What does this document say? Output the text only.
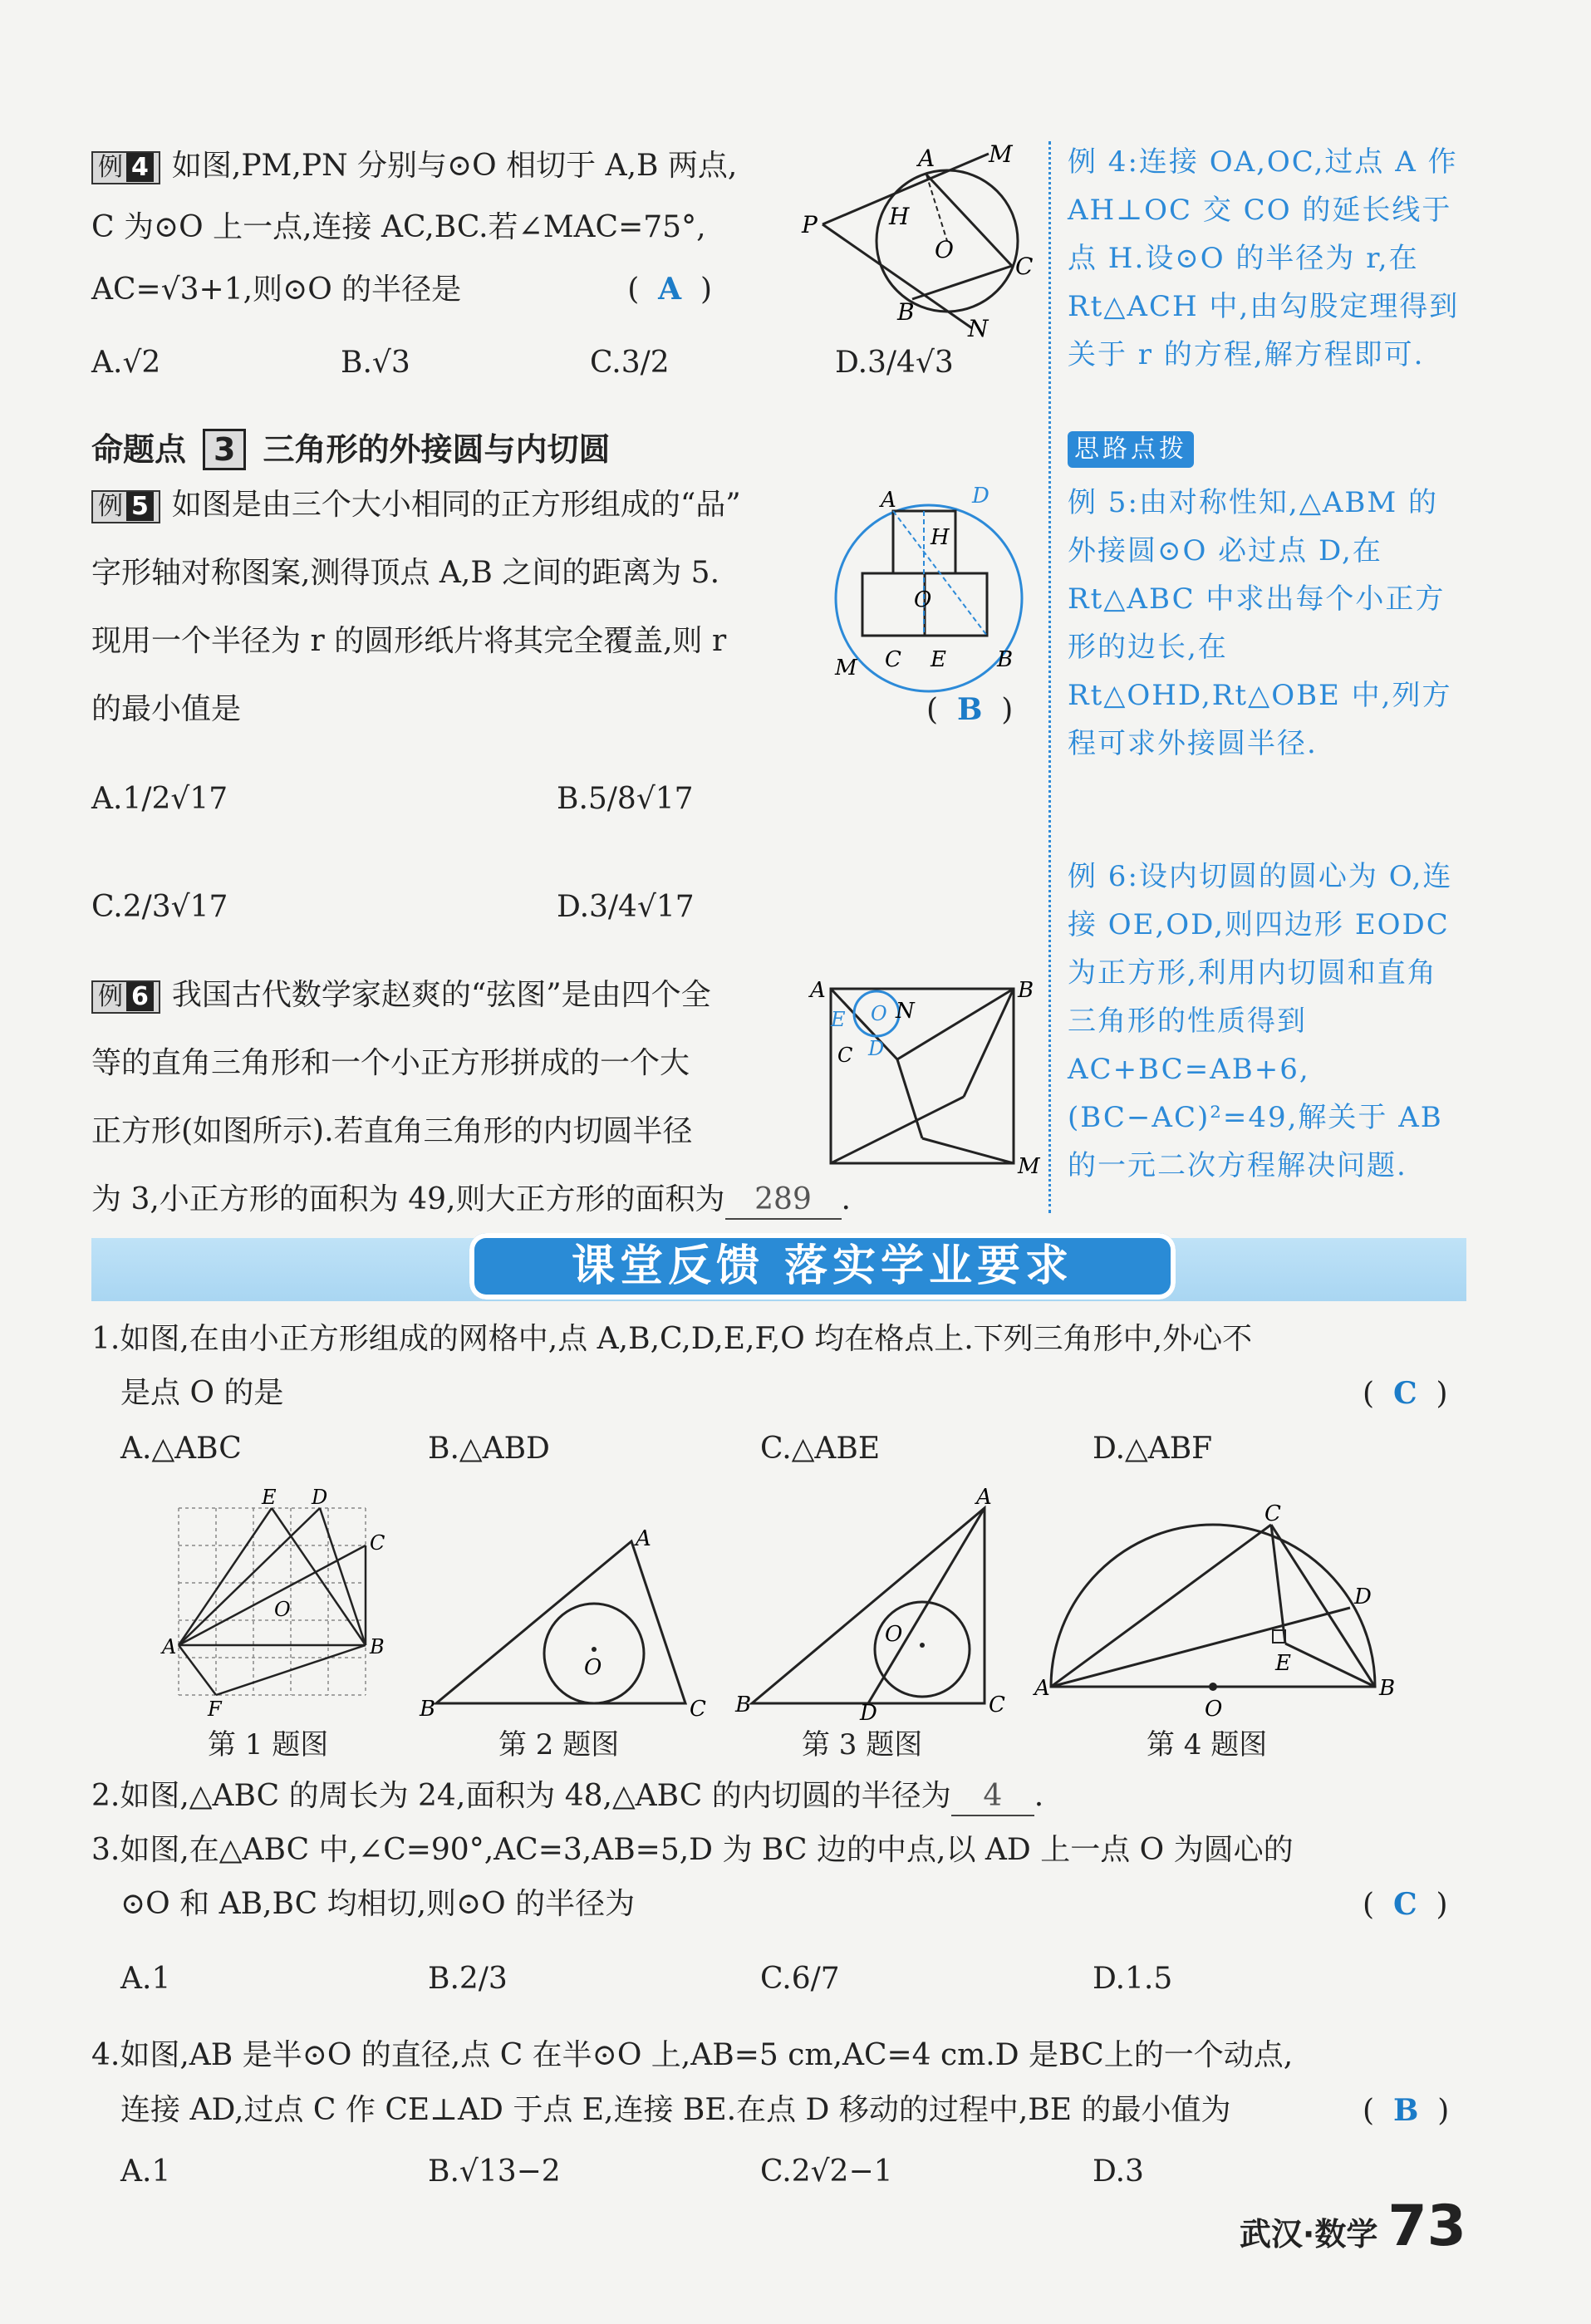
例 4 如图,PM,PN 分别与⊙O 相切于 A,B 两点,
C 为⊙O 上一点,连接 AC,BC.若∠MAC=75°,
AC=√3+1,则⊙O 的半径是	(  A  )
A.√2	B.√3	C.3/2	D.3/4√3
A M
P
C
O
B
N
H
命题点 3 三角形的外接圆与内切圆
例 5 如图是由三个大小相同的正方形组成的“品”
字形轴对称图案,测得顶点 A,B 之间的距离为 5.
现用一个半径为 r 的圆形纸片将其完全覆盖,则 r
的最小值是	(  B  )
A.1/2√17	B.5/8√17
C.2/3√17	D.3/4√17
A	D
H
O
M C E B
例 6 我国古代数学家赵爽的“弦图”是由四个全
等的直角三角形和一个小正方形拼成的一个大
正方形(如图所示).若直角三角形的内切圆半径
为 3,小正方形的面积为 49,则大正方形的面积为 289 .
A	B
M
N
E O
C D
例 4:连接 OA,OC,过点 A 作 AH⊥OC 交 CO 的延长线于点 H.设⊙O 的半径为 r,在 Rt△ACH 中,由勾股定理得到关于 r 的方程,解方程即可.
思路点拨
例 5:由对称性知,△ABM 的外接圆⊙O 必过点 D,在 Rt△ABC 中求出每个小正方形的边长,在 Rt△OHD,Rt△OBE 中,列方程可求外接圆半径.
例 6:设内切圆的圆心为 O,连接 OE,OD,则四边形 EODC 为正方形,利用内切圆和直角三角形的性质得到 AC+BC=AB+6,(BC−AC)²=49,解关于 AB 的一元二次方程解决问题.
课堂反馈 落实学业要求
1.如图,在由小正方形组成的网格中,点 A,B,C,D,E,F,O 均在格点上.下列三角形中,外心不
是点 O 的是	(  C  )
A.△ABC	B.△ABD	C.△ABE	D.△ABF
E D
C
A	B
F
O
A
B	C
O
A
B	C
D
O
A	B
C
D
E
O
第 1 题图	第 2 题图	第 3 题图	第 4 题图
2.如图,△ABC 的周长为 24,面积为 48,△ABC 的内切圆的半径为 4 .
3.如图,在△ABC 中,∠C=90°,AC=3,AB=5,D 为 BC 边的中点,以 AD 上一点 O 为圆心的
⊙O 和 AB,BC 均相切,则⊙O 的半径为	(  C  )
A.1	B.2/3	C.6/7	D.1.5
4.如图,AB 是半⊙O 的直径,点 C 在半⊙O 上,AB=5 cm,AC=4 cm.D 是BC上的一个动点,
连接 AD,过点 C 作 CE⊥AD 于点 E,连接 BE.在点 D 移动的过程中,BE 的最小值为	(  B  )
A.1	B.√13−2	C.2√2−1	D.3
武汉·数学 73
